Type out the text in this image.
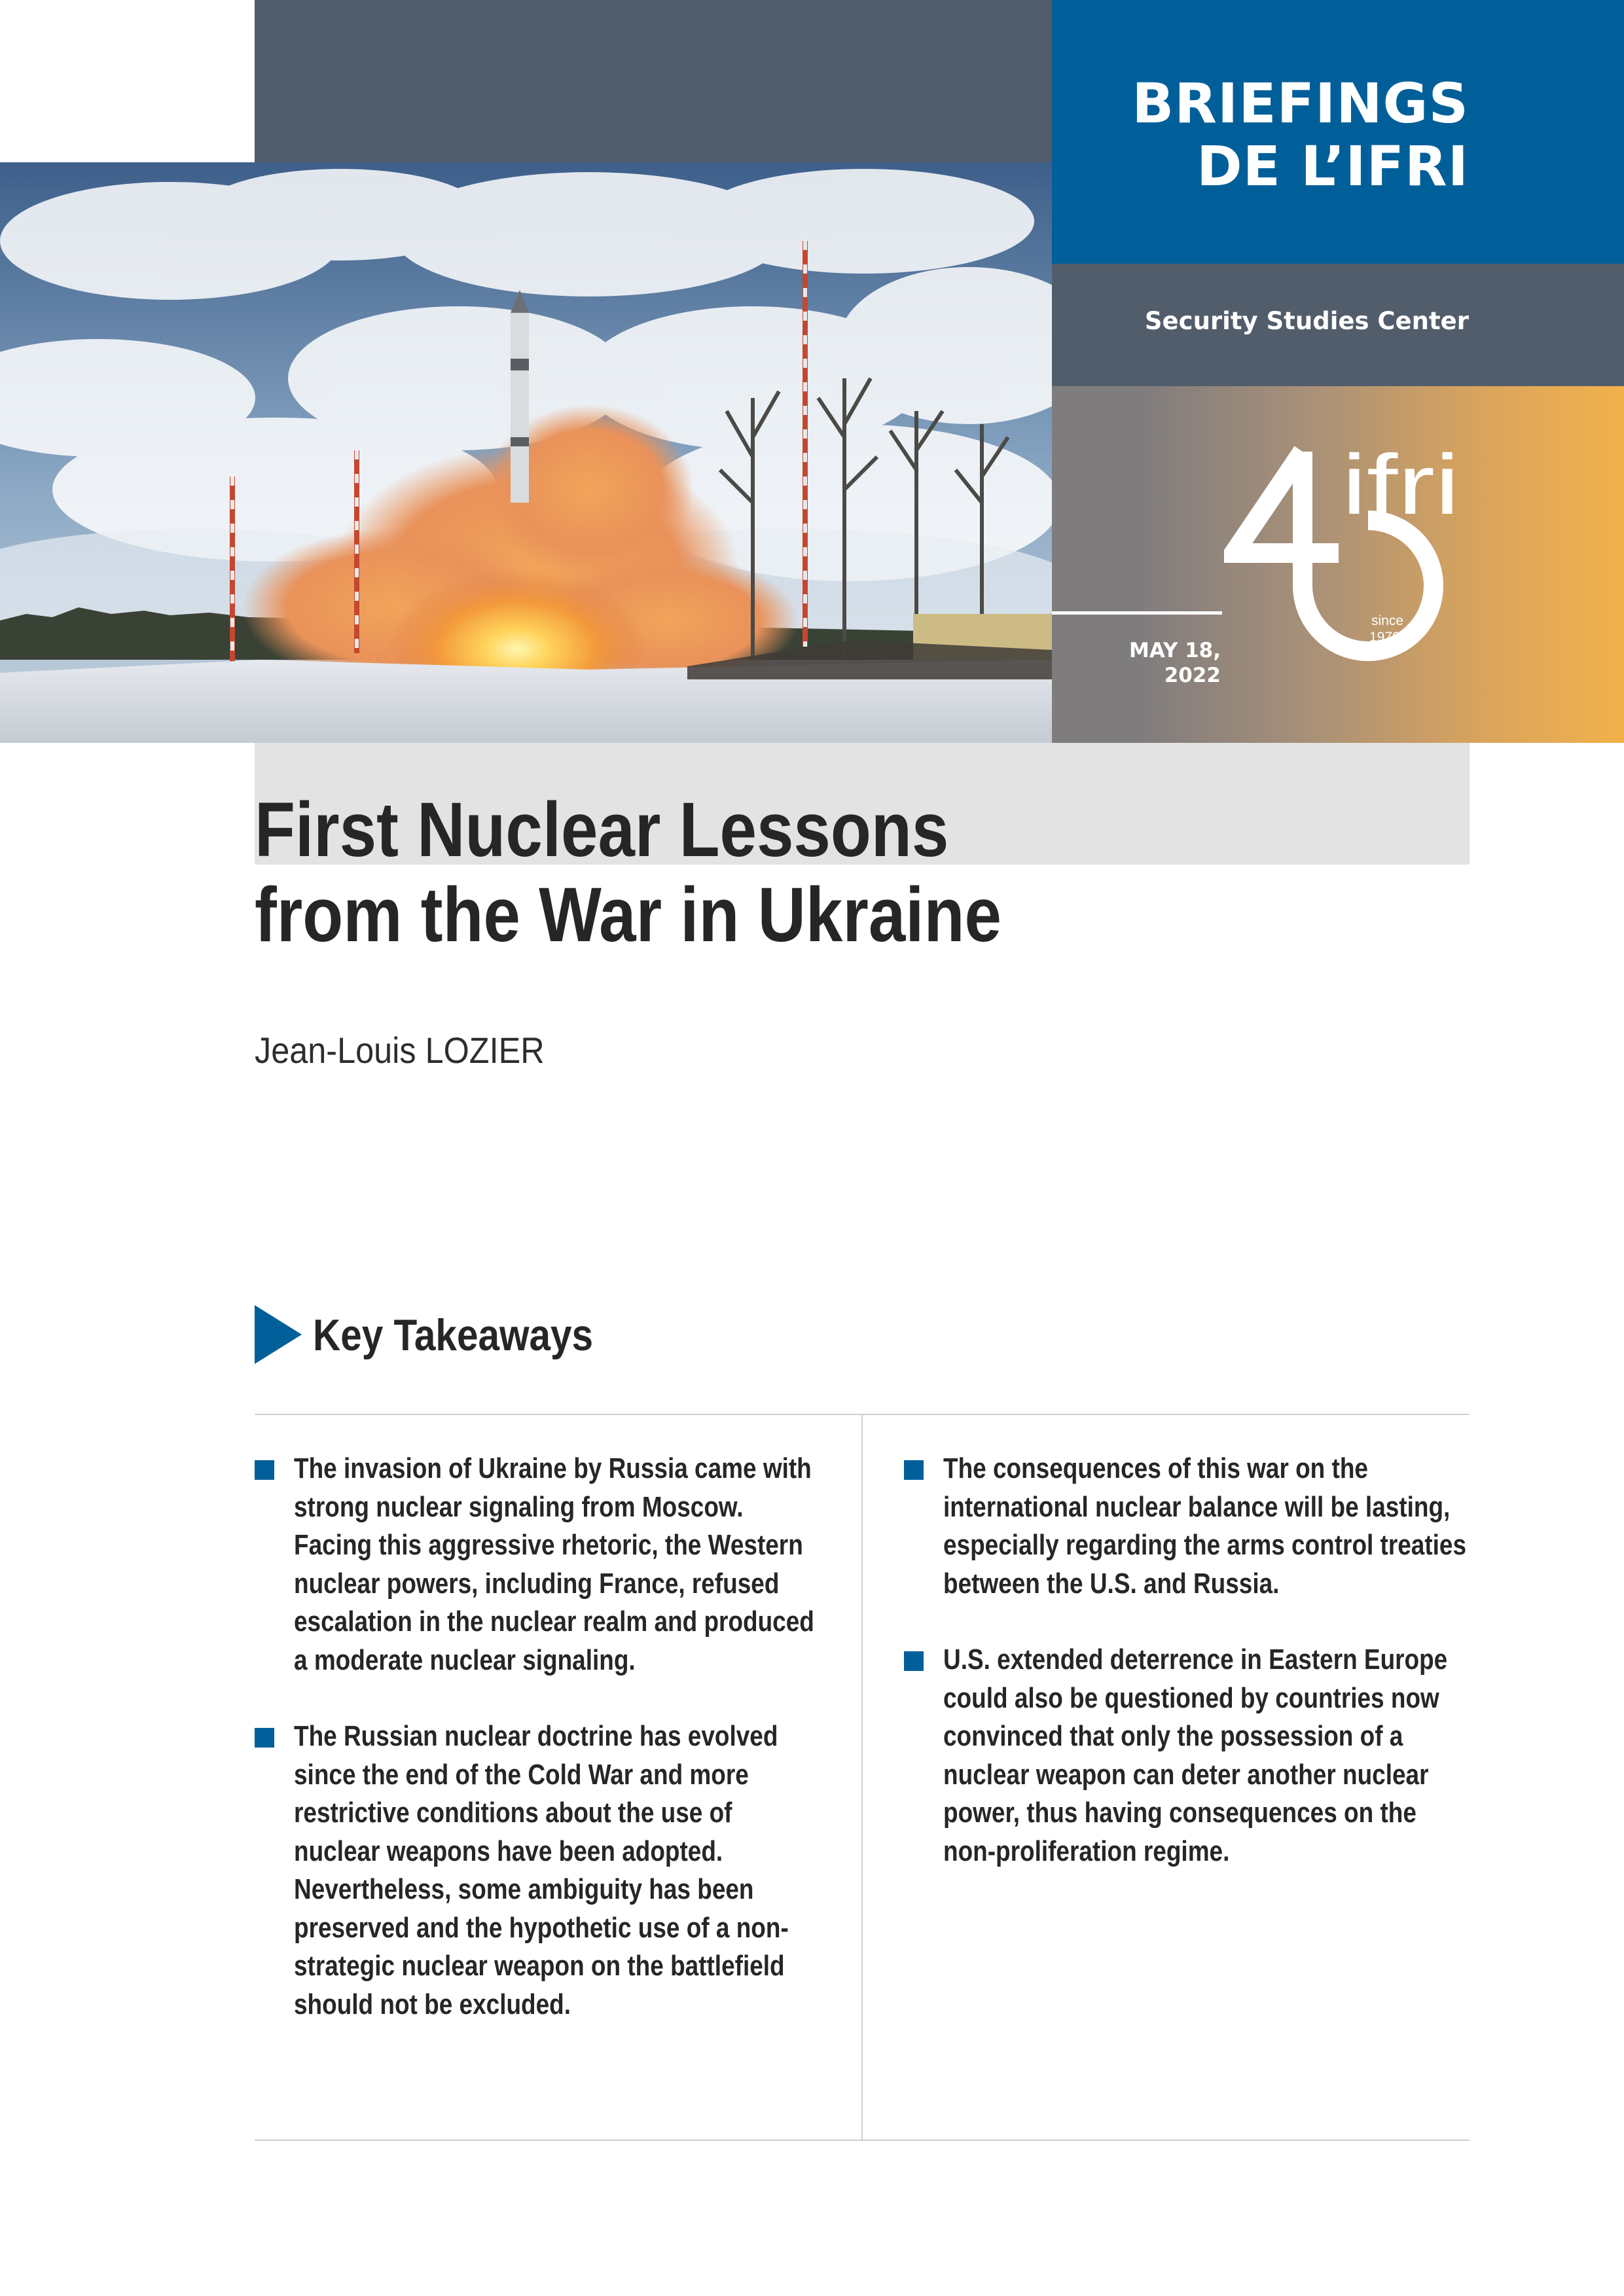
BRIEFINGS
DE L’IFRI
Security Studies Center
MAY 18,
2022
ifri
since
1979
First Nuclear Lessons
from the War in Ukraine
Jean-Louis LOZIER
Key Takeaways
The invasion of Ukraine by Russia came with strong nuclear signaling from Moscow. Facing this aggressive rhetoric, the Western nuclear powers, including France, refused escalation in the nuclear realm and produced a moderate nuclear signaling.
The Russian nuclear doctrine has evolved since the end of the Cold War and more restrictive conditions about the use of nuclear weapons have been adopted. Nevertheless, some ambiguity has been preserved and the hypothetic use of a non-strategic nuclear weapon on the battlefield should not be excluded.
The consequences of this war on the international nuclear balance will be lasting, especially regarding the arms control treaties between the U.S. and Russia.
U.S. extended deterrence in Eastern Europe could also be questioned by countries now convinced that only the possession of a nuclear weapon can deter another nuclear power, thus having consequences on the non-proliferation regime.
